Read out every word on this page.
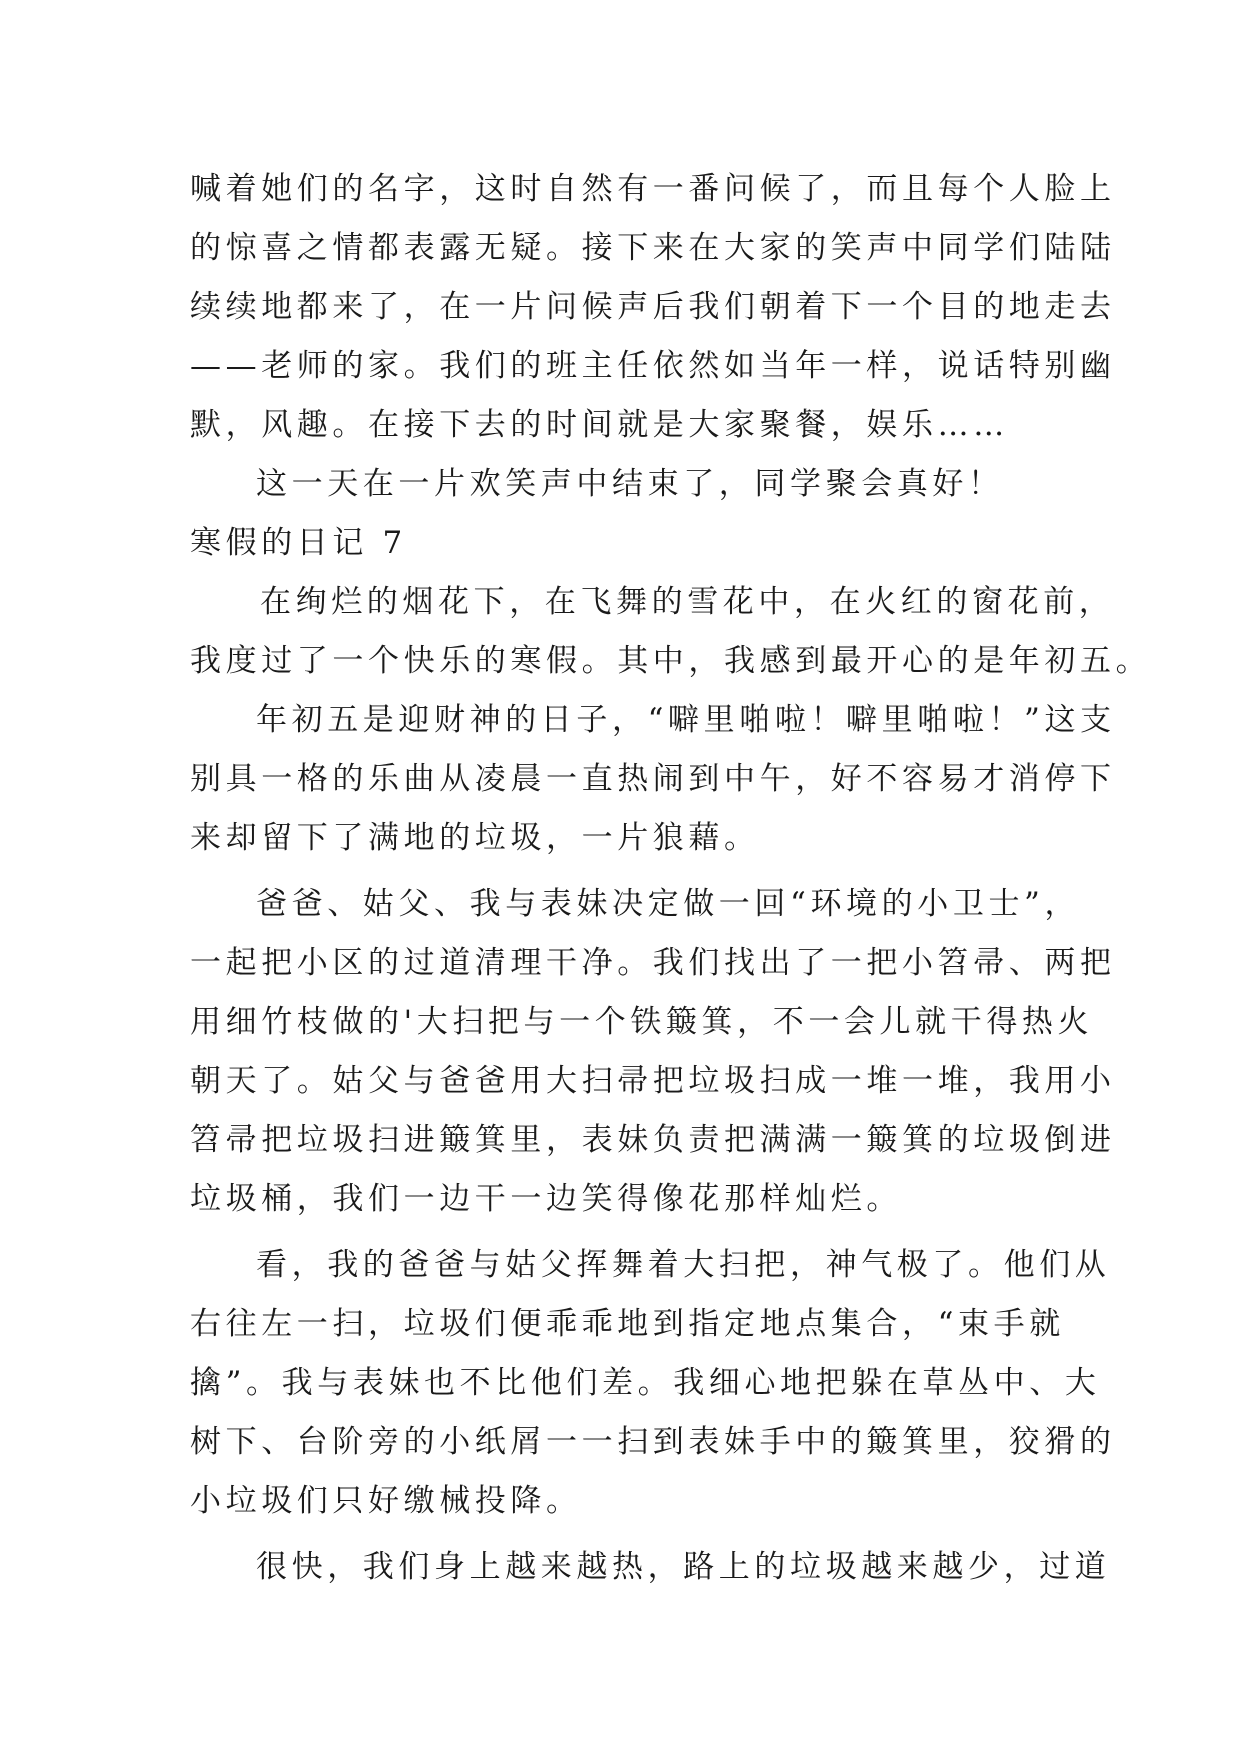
喊着她们的名字，这时自然有一番问候了，而且每个人脸上
的惊喜之情都表露无疑。接下来在大家的笑声中同学们陆陆
续续地都来了，在一片问候声后我们朝着下一个目的地走去
——老师的家。我们的班主任依然如当年一样，说话特别幽
默，风趣。在接下去的时间就是大家聚餐，娱乐……
这一天在一片欢笑声中结束了，同学聚会真好！
寒假的日记 7
在绚烂的烟花下，在飞舞的雪花中，在火红的窗花前，
我度过了一个快乐的寒假。其中，我感到最开心的是年初五。
年初五是迎财神的日子，“噼里啪啦！噼里啪啦！”这支
别具一格的乐曲从凌晨一直热闹到中午，好不容易才消停下
来却留下了满地的垃圾，一片狼藉。
爸爸、姑父、我与表妹决定做一回“环境的小卫士”，
一起把小区的过道清理干净。我们找出了一把小笤帚、两把
用细竹枝做的'大扫把与一个铁簸箕，不一会儿就干得热火
朝天了。姑父与爸爸用大扫帚把垃圾扫成一堆一堆，我用小
笤帚把垃圾扫进簸箕里，表妹负责把满满一簸箕的垃圾倒进
垃圾桶，我们一边干一边笑得像花那样灿烂。
看，我的爸爸与姑父挥舞着大扫把，神气极了。他们从
右往左一扫，垃圾们便乖乖地到指定地点集合，“束手就
擒”。我与表妹也不比他们差。我细心地把躲在草丛中、大
树下、台阶旁的小纸屑一一扫到表妹手中的簸箕里，狡猾的
小垃圾们只好缴械投降。
很快，我们身上越来越热，路上的垃圾越来越少，过道
